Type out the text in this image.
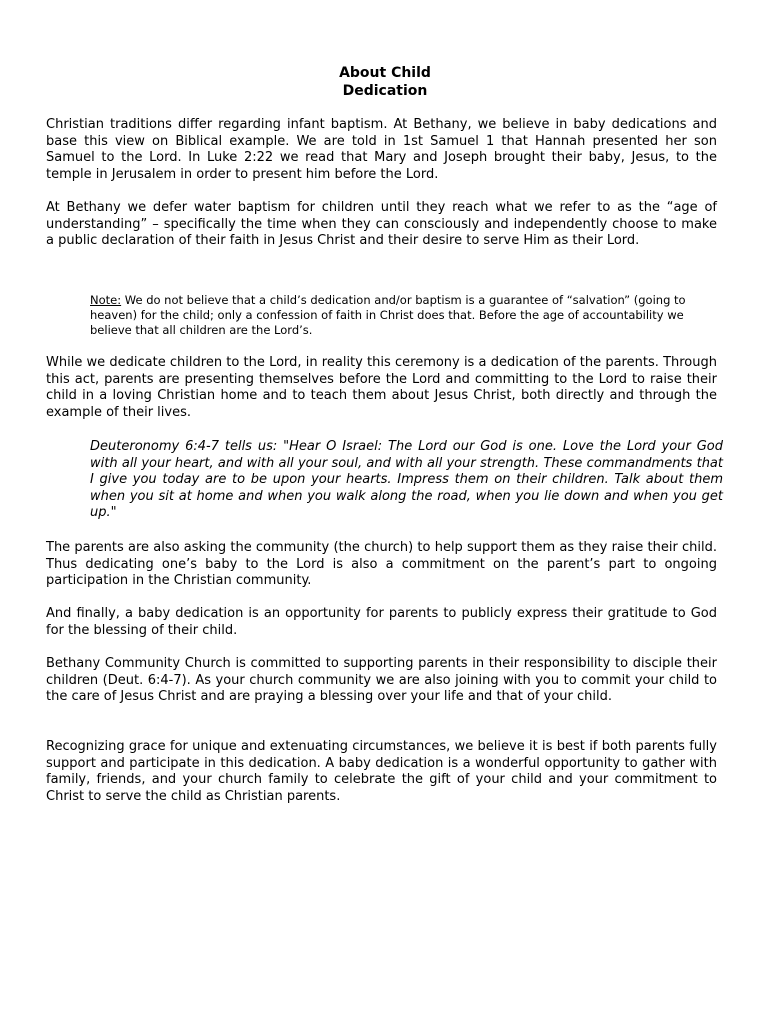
About Child
Dedication

Christian traditions differ regarding infant baptism. At Bethany, we believe in baby dedications and base this view on Biblical example. We are told in 1st Samuel 1 that Hannah presented her son Samuel to the Lord. In Luke 2:22 we read that Mary and Joseph brought their baby, Jesus, to the temple in Jerusalem in order to present him before the Lord.

At Bethany we defer water baptism for children until they reach what we refer to as the “age of understanding” – specifically the time when they can consciously and independently choose to make a public declaration of their faith in Jesus Christ and their desire to serve Him as their Lord.

Note: We do not believe that a child’s dedication and/or baptism is a guarantee of “salvation” (going to heaven) for the child; only a confession of faith in Christ does that. Before the age of accountability we believe that all children are the Lord’s.

While we dedicate children to the Lord, in reality this ceremony is a dedication of the parents. Through this act, parents are presenting themselves before the Lord and committing to the Lord to raise their child in a loving Christian home and to teach them about Jesus Christ, both directly and through the example of their lives.

Deuteronomy 6:4-7 tells us: "Hear O Israel: The Lord our God is one. Love the Lord your God with all your heart, and with all your soul, and with all your strength. These commandments that I give you today are to be upon your hearts. Impress them on their children. Talk about them when you sit at home and when you walk along the road, when you lie down and when you get up."

The parents are also asking the community (the church) to help support them as they raise their child. Thus dedicating one’s baby to the Lord is also a commitment on the parent’s part to ongoing participation in the Christian community.

And finally, a baby dedication is an opportunity for parents to publicly express their gratitude to God for the blessing of their child.

Bethany Community Church is committed to supporting parents in their responsibility to disciple their children (Deut. 6:4-7). As your church community we are also joining with you to commit your child to the care of Jesus Christ and are praying a blessing over your life and that of your child.

Recognizing grace for unique and extenuating circumstances, we believe it is best if both parents fully support and participate in this dedication. A baby dedication is a wonderful opportunity to gather with family, friends, and your church family to celebrate the gift of your child and your commitment to Christ to serve the child as Christian parents.
